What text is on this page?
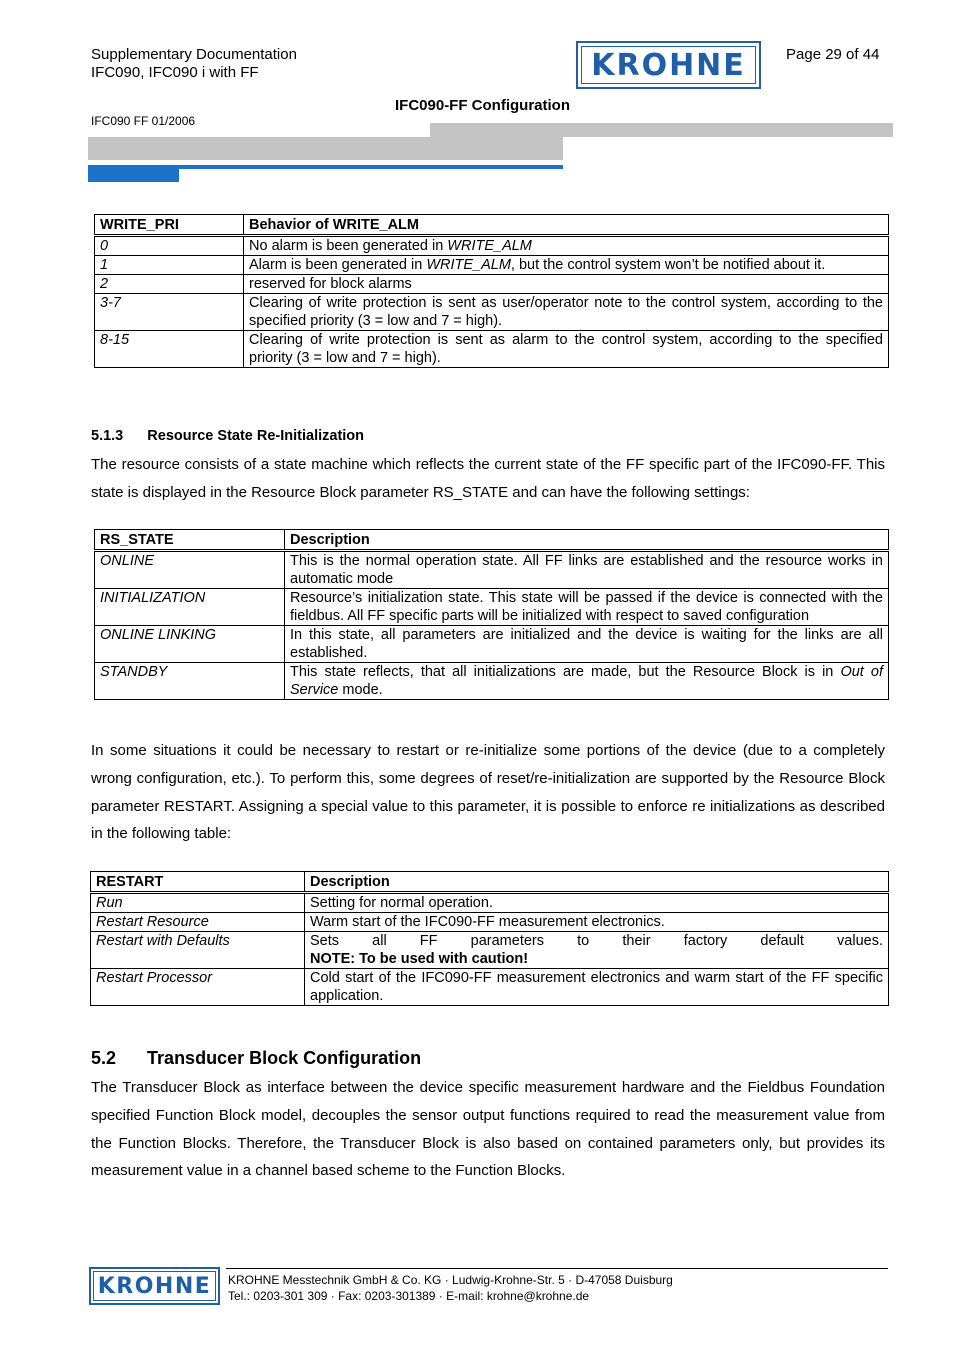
Supplementary Documentation
IFC090, IFC090 i with FF
IFC090 FF 01/2006
IFC090-FF Configuration
Page 29 of 44
KROHNE
WRITE_PRI	Behavior of WRITE_ALM
0	No alarm is been generated in WRITE_ALM
1	Alarm is been generated in WRITE_ALM, but the control system won’t be notified about it.
2	reserved for block alarms
3-7	Clearing of write protection is sent as user/operator note to the control system, according to the specified priority (3 = low and 7 = high).
8-15	Clearing of write protection is sent as alarm to the control system, according to the specified priority (3 = low and 7 = high).
5.1.3 Resource State Re-Initialization
The resource consists of a state machine which reflects the current state of the FF specific part of the IFC090-FF. This state is displayed in the Resource Block parameter RS_STATE and can have the following settings:
RS_STATE	Description
ONLINE	This is the normal operation state. All FF links are established and the resource works in automatic mode
INITIALIZATION	Resource’s initialization state. This state will be passed if the device is connected with the fieldbus. All FF specific parts will be initialized with respect to saved configuration
ONLINE LINKING	In this state, all parameters are initialized and the device is waiting for the links are all established.
STANDBY	This state reflects, that all initializations are made, but the Resource Block is in Out of Service mode.
In some situations it could be necessary to restart or re-initialize some portions of the device (due to a completely wrong configuration, etc.). To perform this, some degrees of reset/re-initialization are supported by the Resource Block parameter RESTART. Assigning a special value to this parameter, it is possible to enforce re initializations as described in the following table:
RESTART	Description
Run	Setting for normal operation.
Restart Resource	Warm start of the IFC090-FF measurement electronics.
Restart with Defaults	Sets all FF parameters to their factory default values.
NOTE: To be used with caution!

Restart Processor	Cold start of the IFC090-FF measurement electronics and warm start of the FF specific application.
5.2 Transducer Block Configuration
The Transducer Block as interface between the device specific measurement hardware and the Fieldbus Foundation specified Function Block model, decouples the sensor output functions required to read the measurement value from the Function Blocks. Therefore, the Transducer Block is also based on contained parameters only, but provides its measurement value in a channel based scheme to the Function Blocks.
KROHNE	KROHNE Messtechnik GmbH & Co. KG · Ludwig-Krohne-Str. 5 · D-47058 Duisburg
Tel.: 0203-301 309 · Fax: 0203-301389 · E-mail: krohne@krohne.de
